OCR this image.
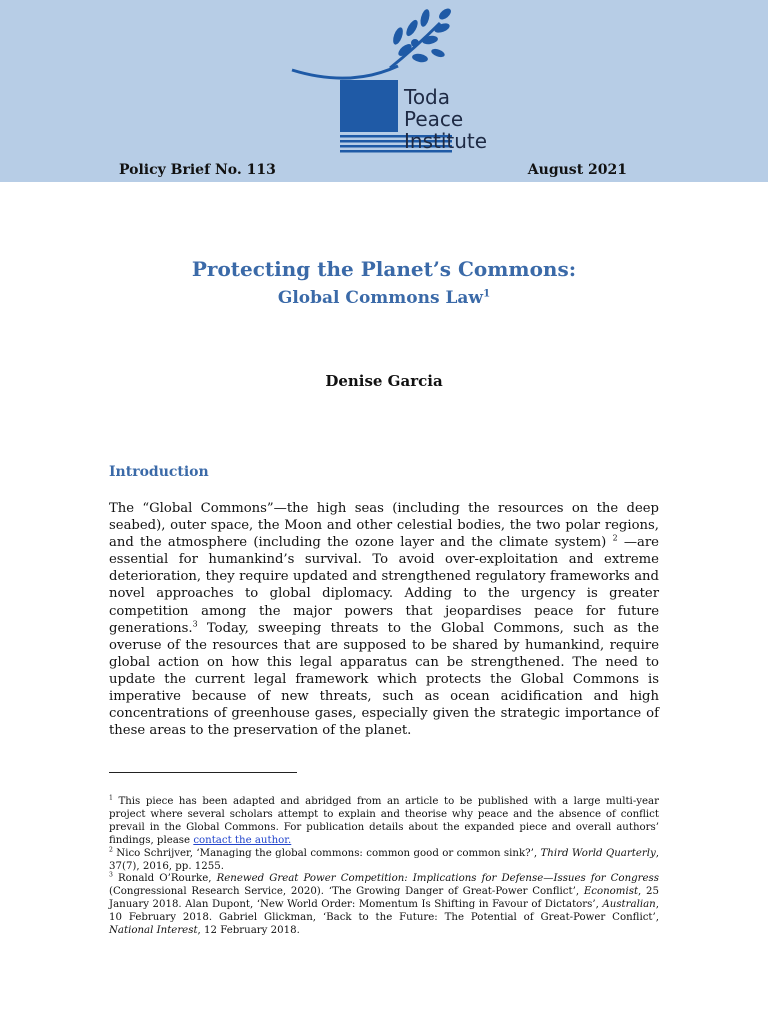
Toda
Peace
Institute
Policy Brief No. 113	August 2021
Protecting the Planet’s Commons:
Global Commons Law$^1$
Denise Garcia
Introduction

The “Global Commons”—the high seas (including the resources on the deep seabed), outer space, the Moon and other celestial bodies, the two polar regions, and the atmosphere (including the ozone layer and the climate system) $^2$ —are essential for humankind’s survival. To avoid over-exploitation and extreme deterioration, they require updated and strengthened regulatory frameworks and novel approaches to global diplomacy. Adding to the urgency is greater competition among the major powers that jeopardises peace for future generations.$^3$ Today, sweeping threats to the Global Commons, such as the overuse of the resources that are supposed to be shared by humankind, require global action on how this legal apparatus can be strengthened. The need to update the current legal framework which protects the Global Commons is imperative because of new threats, such as ocean acidification and high concentrations of greenhouse gases, especially given the strategic importance of these areas to the preservation of the planet.

$^1$ This piece has been adapted and abridged from an article to be published with a large multi-year project where several scholars attempt to explain and theorise why peace and the absence of conflict prevail in the Global Commons. For publication details about the expanded piece and overall authors’ findings, please contact the author.

$^2$ Nico Schrijver, ‘Managing the global commons: common good or common sink?’, Third World Quarterly, 37(7), 2016, pp. 1255.

$^3$ Ronald O’Rourke, Renewed Great Power Competition: Implications for Defense—Issues for Congress (Congressional Research Service, 2020). ‘The Growing Danger of Great-Power Conflict’, Economist, 25 January 2018. Alan Dupont, ‘New World Order: Momentum Is Shifting in Favour of Dictators’, Australian, 10 February 2018. Gabriel Glickman, ‘Back to the Future: The Potential of Great-Power Conflict’, National Interest, 12 February 2018.
